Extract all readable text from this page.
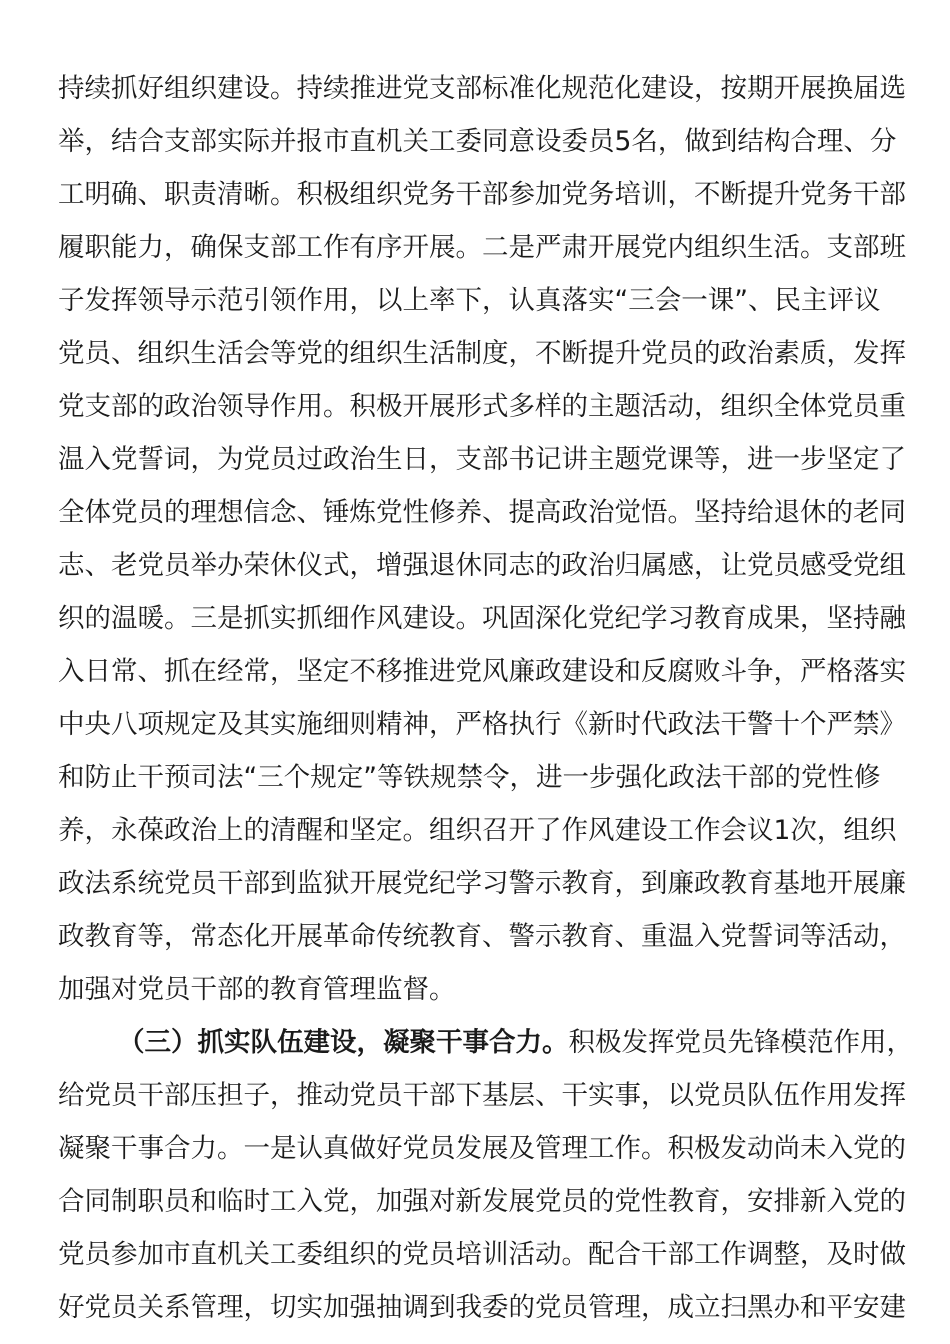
持续抓好组织建设。持续推进党支部标准化规范化建设，按期开展换届选
举，结合支部实际并报市直机关工委同意设委员5名，做到结构合理、分
工明确、职责清晰。积极组织党务干部参加党务培训，不断提升党务干部
履职能力，确保支部工作有序开展。二是严肃开展党内组织生活。支部班
子发挥领导示范引领作用，以上率下，认真落实“三会一课”、民主评议
党员、组织生活会等党的组织生活制度，不断提升党员的政治素质，发挥
党支部的政治领导作用。积极开展形式多样的主题活动，组织全体党员重
温入党誓词，为党员过政治生日，支部书记讲主题党课等，进一步坚定了
全体党员的理想信念、锤炼党性修养、提高政治觉悟。坚持给退休的老同
志、老党员举办荣休仪式，增强退休同志的政治归属感，让党员感受党组
织的温暖。三是抓实抓细作风建设。巩固深化党纪学习教育成果，坚持融
入日常、抓在经常，坚定不移推进党风廉政建设和反腐败斗争，严格落实
中央八项规定及其实施细则精神，严格执行《新时代政法干警十个严禁》
和防止干预司法“三个规定”等铁规禁令，进一步强化政法干部的党性修
养，永葆政治上的清醒和坚定。组织召开了作风建设工作会议1次，组织
政法系统党员干部到监狱开展党纪学习警示教育，到廉政教育基地开展廉
政教育等，常态化开展革命传统教育、警示教育、重温入党誓词等活动，
加强对党员干部的教育管理监督。
（三）抓实队伍建设，凝聚干事合力。积极发挥党员先锋模范作用，
给党员干部压担子，推动党员干部下基层、干实事，以党员队伍作用发挥
凝聚干事合力。一是认真做好党员发展及管理工作。积极发动尚未入党的
合同制职员和临时工入党，加强对新发展党员的党性教育，安排新入党的
党员参加市直机关工委组织的党员培训活动。配合干部工作调整，及时做
好党员关系管理，切实加强抽调到我委的党员管理，成立扫黑办和平安建
